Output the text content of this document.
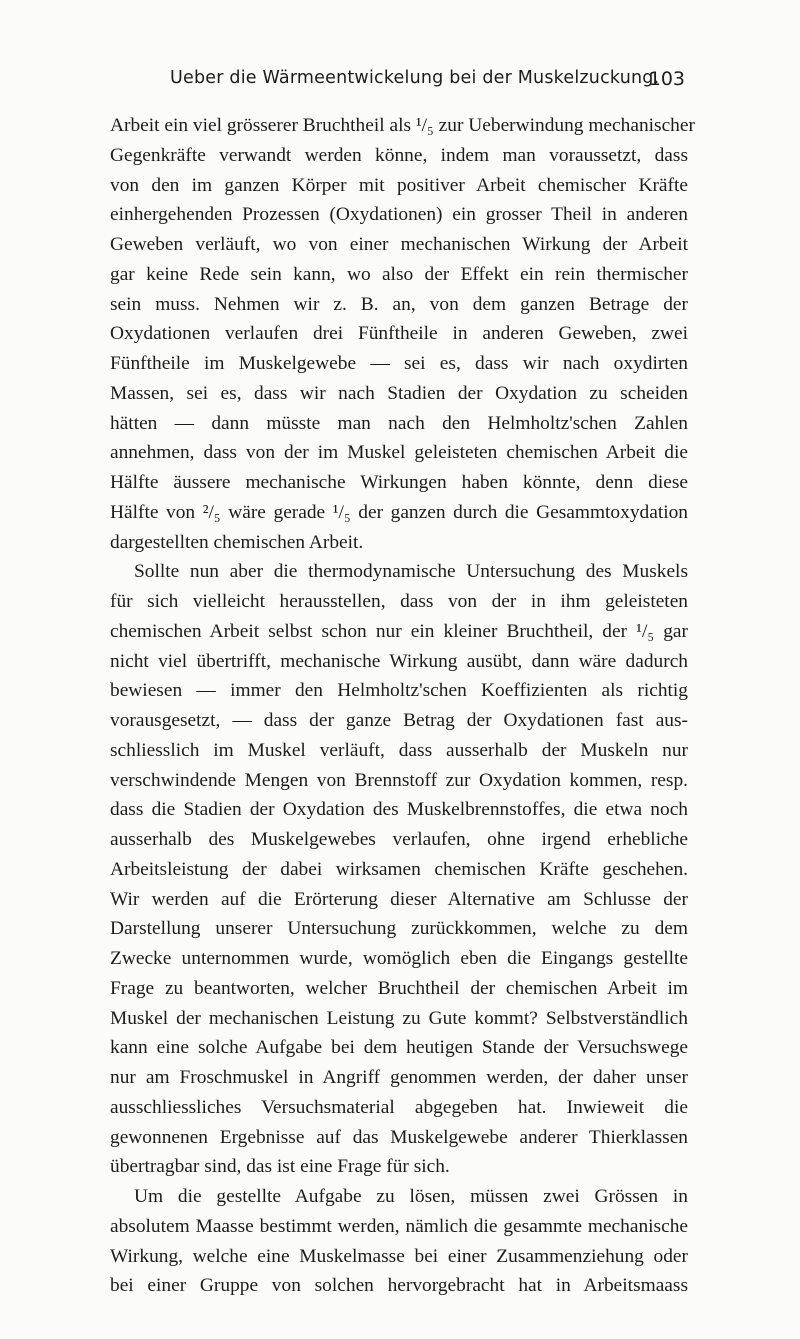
Ueber die Wärmeentwickelung bei der Muskelzuckung.
103
Arbeit ein viel grösserer Bruchtheil als ¹/₅ zur Ueberwindung mechanischer
Gegenkräfte verwandt werden könne, indem man voraussetzt, dass
von den im ganzen Körper mit positiver Arbeit chemischer Kräfte
einhergehenden Prozessen (Oxydationen) ein grosser Theil in anderen
Geweben verläuft, wo von einer mechanischen Wirkung der Arbeit
gar keine Rede sein kann, wo also der Effekt ein rein thermischer
sein muss. Nehmen wir z. B. an, von dem ganzen Betrage der
Oxydationen verlaufen drei Fünftheile in anderen Geweben, zwei
Fünftheile im Muskelgewebe — sei es, dass wir nach oxydirten
Massen, sei es, dass wir nach Stadien der Oxydation zu scheiden
hätten — dann müsste man nach den Helmholtz'schen Zahlen
annehmen, dass von der im Muskel geleisteten chemischen Arbeit die
Hälfte äussere mechanische Wirkungen haben könnte, denn diese
Hälfte von ²/₅ wäre gerade ¹/₅ der ganzen durch die Gesammtoxydation
dargestellten chemischen Arbeit.
Sollte nun aber die thermodynamische Untersuchung des Muskels
für sich vielleicht herausstellen, dass von der in ihm geleisteten
chemischen Arbeit selbst schon nur ein kleiner Bruchtheil, der ¹/₅ gar
nicht viel übertrifft, mechanische Wirkung ausübt, dann wäre dadurch
bewiesen — immer den Helmholtz'schen Koeffizienten als richtig
vorausgesetzt, — dass der ganze Betrag der Oxydationen fast aus-
schliesslich im Muskel verläuft, dass ausserhalb der Muskeln nur
verschwindende Mengen von Brennstoff zur Oxydation kommen, resp.
dass die Stadien der Oxydation des Muskelbrennstoffes, die etwa noch
ausserhalb des Muskelgewebes verlaufen, ohne irgend erhebliche
Arbeitsleistung der dabei wirksamen chemischen Kräfte geschehen.
Wir werden auf die Erörterung dieser Alternative am Schlusse der
Darstellung unserer Untersuchung zurückkommen, welche zu dem
Zwecke unternommen wurde, womöglich eben die Eingangs gestellte
Frage zu beantworten, welcher Bruchtheil der chemischen Arbeit im
Muskel der mechanischen Leistung zu Gute kommt? Selbstverständlich
kann eine solche Aufgabe bei dem heutigen Stande der Versuchswege
nur am Froschmuskel in Angriff genommen werden, der daher unser
ausschliessliches Versuchsmaterial abgegeben hat. Inwieweit die
gewonnenen Ergebnisse auf das Muskelgewebe anderer Thierklassen
übertragbar sind, das ist eine Frage für sich.
Um die gestellte Aufgabe zu lösen, müssen zwei Grössen in
absolutem Maasse bestimmt werden, nämlich die gesammte mechanische
Wirkung, welche eine Muskelmasse bei einer Zusammenziehung oder
bei einer Gruppe von solchen hervorgebracht hat in Arbeitsmaass
